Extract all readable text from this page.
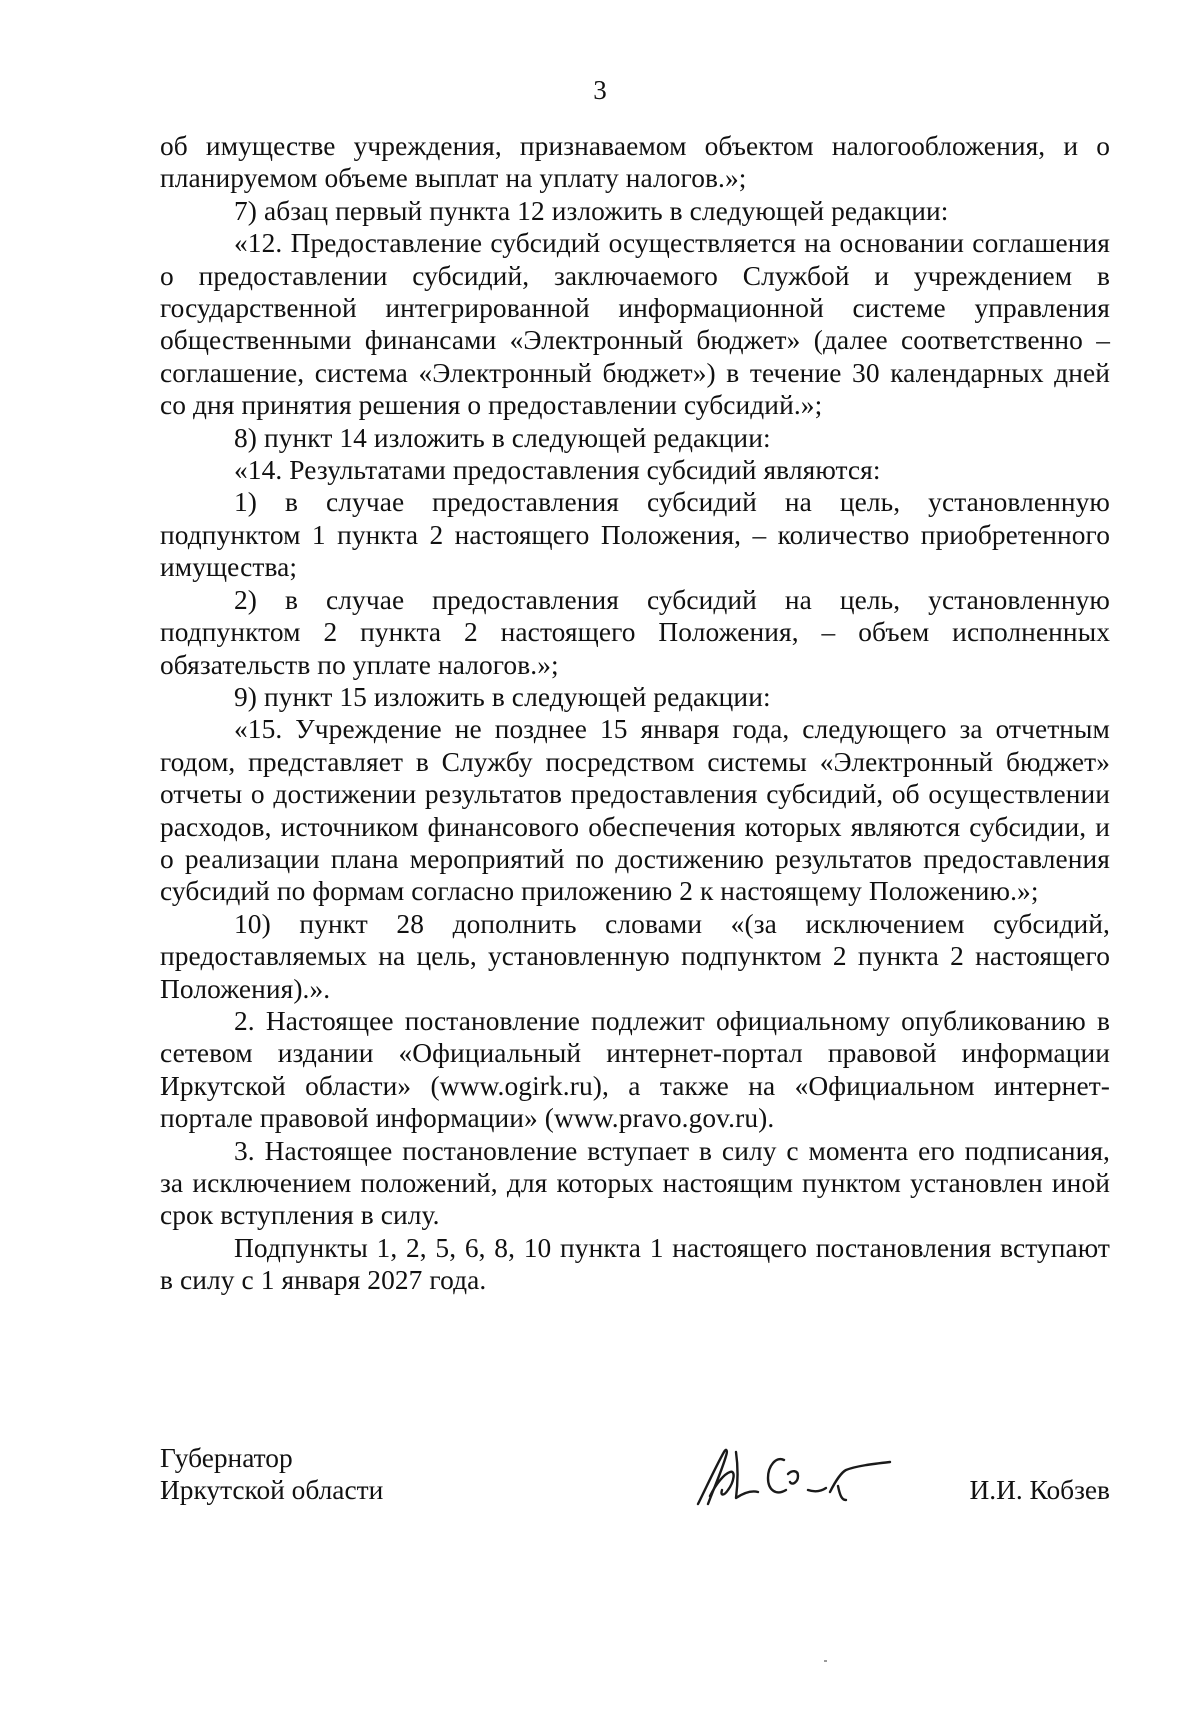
3

об имуществе учреждения, признаваемом объектом налогообложения, и о планируемом объеме выплат на уплату налогов.»;

7) абзац первый пункта 12 изложить в следующей редакции:

«12. Предоставление субсидий осуществляется на основании соглашения о предоставлении субсидий, заключаемого Службой и учреждением в государственной интегрированной информационной системе управления общественными финансами «Электронный бюджет» (далее соответственно – соглашение, система «Электронный бюджет») в течение 30 календарных дней со дня принятия решения о предоставлении субсидий.»;

8) пункт 14 изложить в следующей редакции:

«14. Результатами предоставления субсидий являются:

1) в случае предоставления субсидий на цель, установленную подпунктом 1 пункта 2 настоящего Положения, – количество приобретенного имущества;

2) в случае предоставления субсидий на цель, установленную подпунктом 2 пункта 2 настоящего Положения, – объем исполненных обязательств по уплате налогов.»;

9) пункт 15 изложить в следующей редакции:

«15. Учреждение не позднее 15 января года, следующего за отчетным годом, представляет в Службу посредством системы «Электронный бюджет» отчеты о достижении результатов предоставления субсидий, об осуществлении расходов, источником финансового обеспечения которых являются субсидии, и о реализации плана мероприятий по достижению результатов предоставления субсидий по формам согласно приложению 2 к настоящему Положению.»;

10) пункт 28 дополнить словами «(за исключением субсидий, предоставляемых на цель, установленную подпунктом 2 пункта 2 настоящего Положения).».

2. Настоящее постановление подлежит официальному опубликованию в сетевом издании «Официальный интернет-портал правовой информации Иркутской области» (www.ogirk.ru), а также на «Официальном интернет-портале правовой информации» (www.pravo.gov.ru).

3. Настоящее постановление вступает в силу с момента его подписания, за исключением положений, для которых настоящим пунктом установлен иной срок вступления в силу.

Подпункты 1, 2, 5, 6, 8, 10 пункта 1 настоящего постановления вступают в силу с 1 января 2027 года.

Губернатор
Иркутской области	И.И. Кобзев
